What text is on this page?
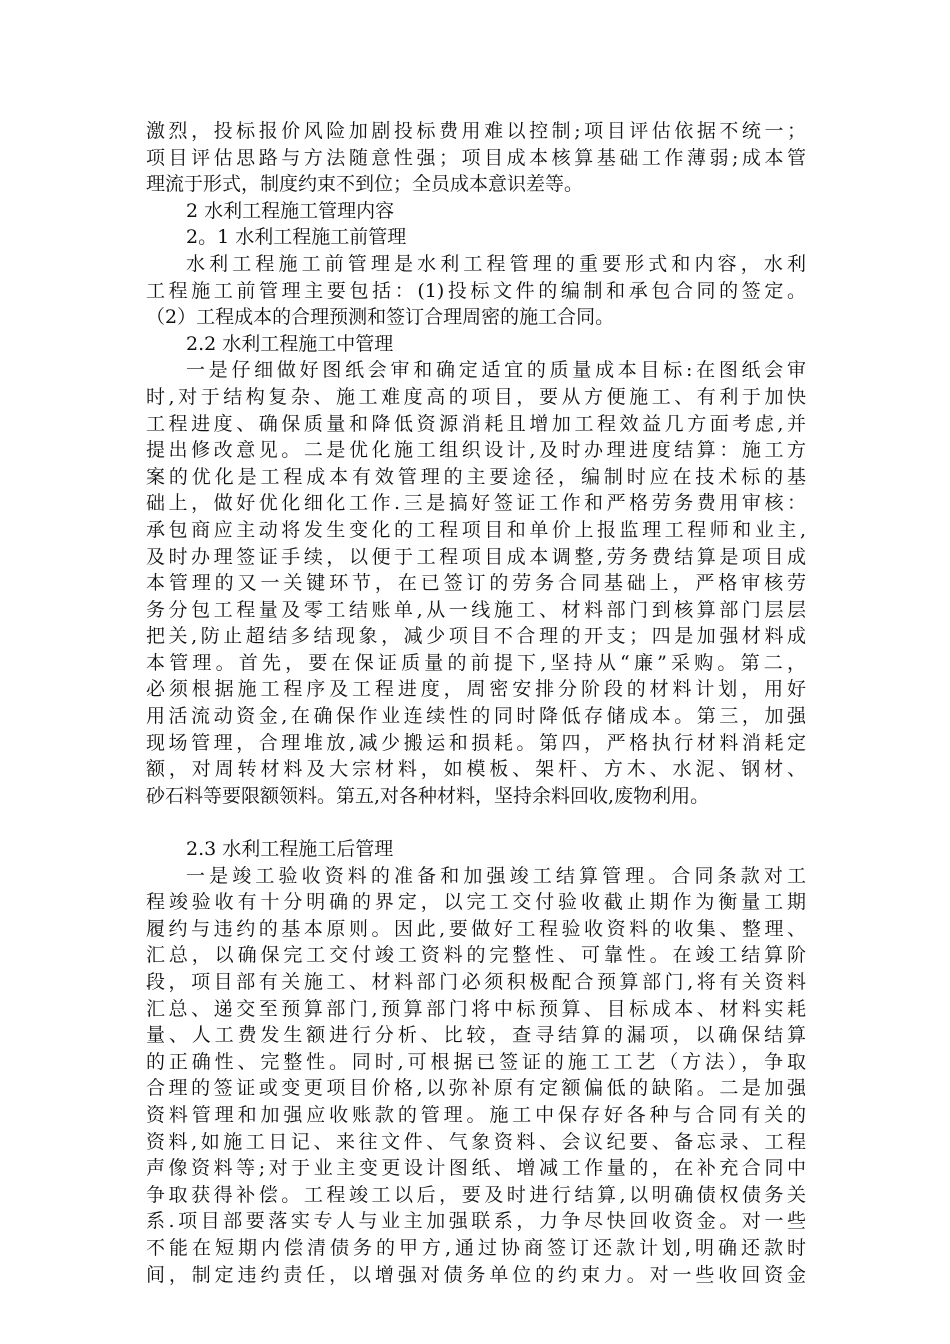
激烈，投标报价风险加剧投标费用难以控制;项目评估依据不统一；
项目评估思路与方法随意性强；项目成本核算基础工作薄弱;成本管
理流于形式，制度约束不到位；全员成本意识差等。
2 水利工程施工管理内容
2。1 水利工程施工前管理
水利工程施工前管理是水利工程管理的重要形式和内容，水利
工程施工前管理主要包括：(1)投标文件的编制和承包合同的签定。
（2）工程成本的合理预测和签订合理周密的施工合同。
2.2 水利工程施工中管理
一是仔细做好图纸会审和确定适宜的质量成本目标:在图纸会审
时,对于结构复杂、施工难度高的项目，要从方便施工、有利于加快
工程进度、确保质量和降低资源消耗且增加工程效益几方面考虑,并
提出修改意见。二是优化施工组织设计,及时办理进度结算：施工方
案的优化是工程成本有效管理的主要途径，编制时应在技术标的基
础上，做好优化细化工作.三是搞好签证工作和严格劳务费用审核：
承包商应主动将发生变化的工程项目和单价上报监理工程师和业主,
及时办理签证手续，以便于工程项目成本调整,劳务费结算是项目成
本管理的又一关键环节，在已签订的劳务合同基础上，严格审核劳
务分包工程量及零工结账单,从一线施工、材料部门到核算部门层层
把关,防止超结多结现象，减少项目不合理的开支；四是加强材料成
本管理。首先，要在保证质量的前提下,坚持从“廉”采购。第二，
必须根据施工程序及工程进度，周密安排分阶段的材料计划，用好
用活流动资金,在确保作业连续性的同时降低存储成本。第三，加强
现场管理，合理堆放,减少搬运和损耗。第四，严格执行材料消耗定
额，对周转材料及大宗材料，如模板、架杆、方木、水泥、钢材、
砂石料等要限额领料。第五,对各种材料，坚持余料回收,废物利用。
2.3 水利工程施工后管理
一是竣工验收资料的准备和加强竣工结算管理。合同条款对工
程竣验收有十分明确的界定，以完工交付验收截止期作为衡量工期
履约与违约的基本原则。因此,要做好工程验收资料的收集、整理、
汇总，以确保完工交付竣工资料的完整性、可靠性。在竣工结算阶
段，项目部有关施工、材料部门必须积极配合预算部门,将有关资料
汇总、递交至预算部门,预算部门将中标预算、目标成本、材料实耗
量、人工费发生额进行分析、比较，查寻结算的漏项，以确保结算
的正确性、完整性。同时,可根据已签证的施工工艺（方法），争取
合理的签证或变更项目价格,以弥补原有定额偏低的缺陷。二是加强
资料管理和加强应收账款的管理。施工中保存好各种与合同有关的
资料,如施工日记、来往文件、气象资料、会议纪要、备忘录、工程
声像资料等;对于业主变更设计图纸、增减工作量的，在补充合同中
争取获得补偿。工程竣工以后，要及时进行结算,以明确债权债务关
系.项目部要落实专人与业主加强联系，力争尽快回收资金。对一些
不能在短期内偿清债务的甲方,通过协商签订还款计划,明确还款时
间，制定违约责任，以增强对债务单位的约束力。对一些收回资金
